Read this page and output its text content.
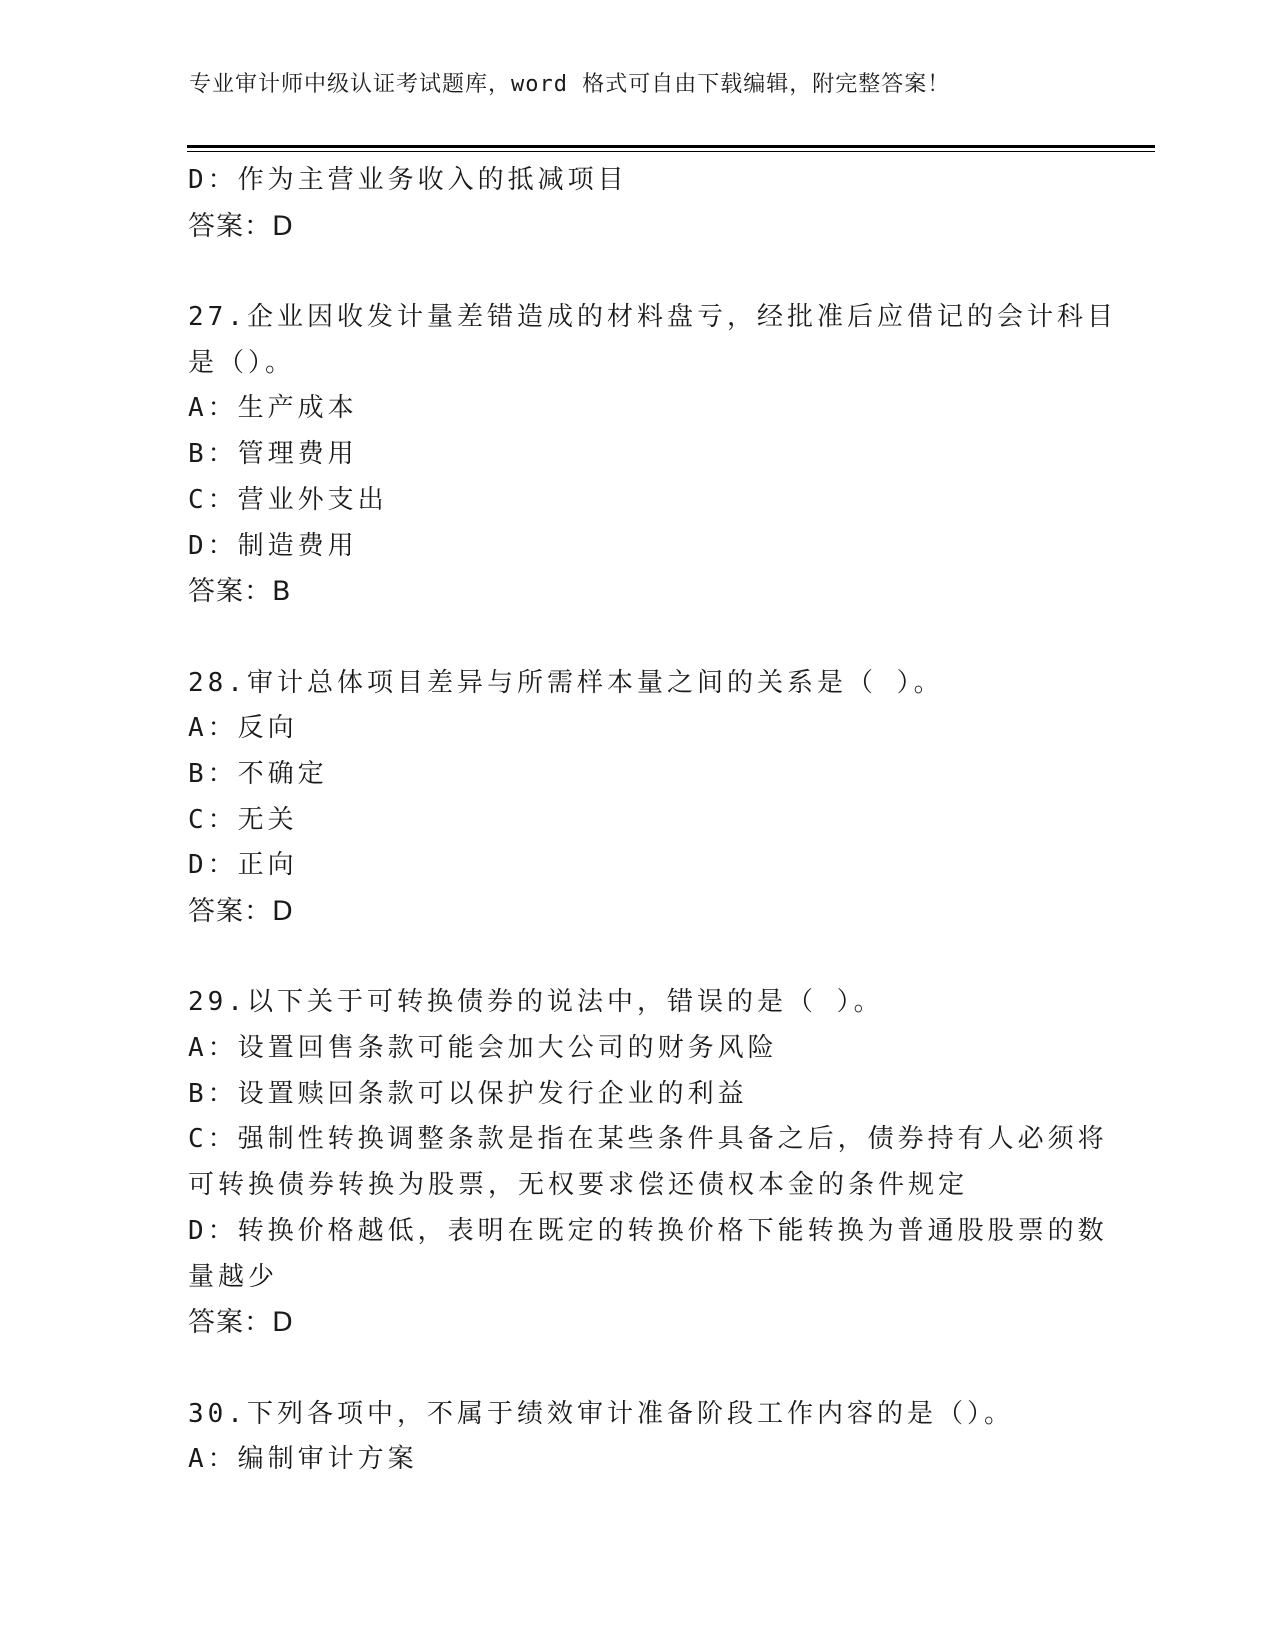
专业审计师中级认证考试题库，word 格式可自由下载编辑，附完整答案！
D：作为主营业务收入的抵减项目
答案：D
27.企业因收发计量差错造成的材料盘亏，经批准后应借记的会计科目
是（）。
A：生产成本
B：管理费用
C：营业外支出
D：制造费用
答案：B
28.审计总体项目差异与所需样本量之间的关系是（ ）。
A：反向
B：不确定
C：无关
D：正向
答案：D
29.以下关于可转换债券的说法中，错误的是（ ）。
A：设置回售条款可能会加大公司的财务风险
B：设置赎回条款可以保护发行企业的利益
C：强制性转换调整条款是指在某些条件具备之后，债券持有人必须将
可转换债券转换为股票，无权要求偿还债权本金的条件规定
D：转换价格越低，表明在既定的转换价格下能转换为普通股股票的数
量越少
答案：D
30.下列各项中，不属于绩效审计准备阶段工作内容的是（）。
A：编制审计方案
